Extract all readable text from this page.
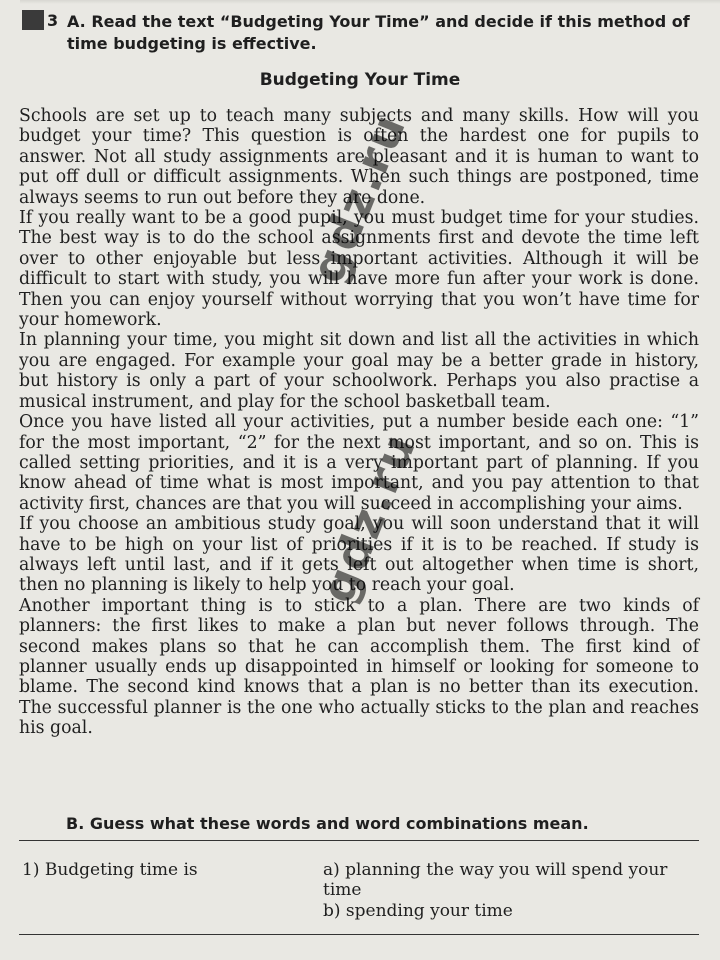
3 A. Read the text “Budgeting Your Time” and decide if this method of time budgeting is effective.

Budgeting Your Time

Schools are set up to teach many subjects and many skills. How will you budget your time? This question is often the hardest one for pupils to answer. Not all study assignments are pleasant and it is human to want to put off dull or difficult assignments. When such things are postponed, time always seems to run out before they are done.

If you really want to be a good pupil, you must budget time for your studies. The best way is to do the school assignments first and devote the time left over to other enjoyable but less important activities. Although it will be difficult to start with study, you will have more fun after your work is done. Then you can enjoy yourself without worrying that you won’t have time for your homework.

In planning your time, you might sit down and list all the activities in which you are engaged. For example your goal may be a better grade in history, but history is only a part of your schoolwork. Perhaps you also practise a musical instrument, and play for the school basketball team.

Once you have listed all your activities, put a number beside each one: “1” for the most important, “2” for the next most important, and so on. This is called setting priorities, and it is a very important part of planning. If you know ahead of time what is most important, and you pay attention to that activity first, chances are that you will succeed in accomplishing your aims.

If you choose an ambitious study goal, you will soon understand that it will have to be high on your list of priorities if it is to be reached. If study is always left until last, and if it gets left out altogether when time is short, then no planning is likely to help you to reach your goal.

Another important thing is to stick to a plan. There are two kinds of planners: the first likes to make a plan but never follows through. The second makes plans so that he can accomplish them. The first kind of planner usually ends up disappointed in himself or looking for someone to blame. The second kind knows that a plan is no better than its execution. The successful planner is the one who actually sticks to the plan and reaches his goal.

B. Guess what these words and word combinations mean.
1) Budgeting time is	a) planning the way you will spend your time

b) spending your time
gdz.ru
gdz.ru
